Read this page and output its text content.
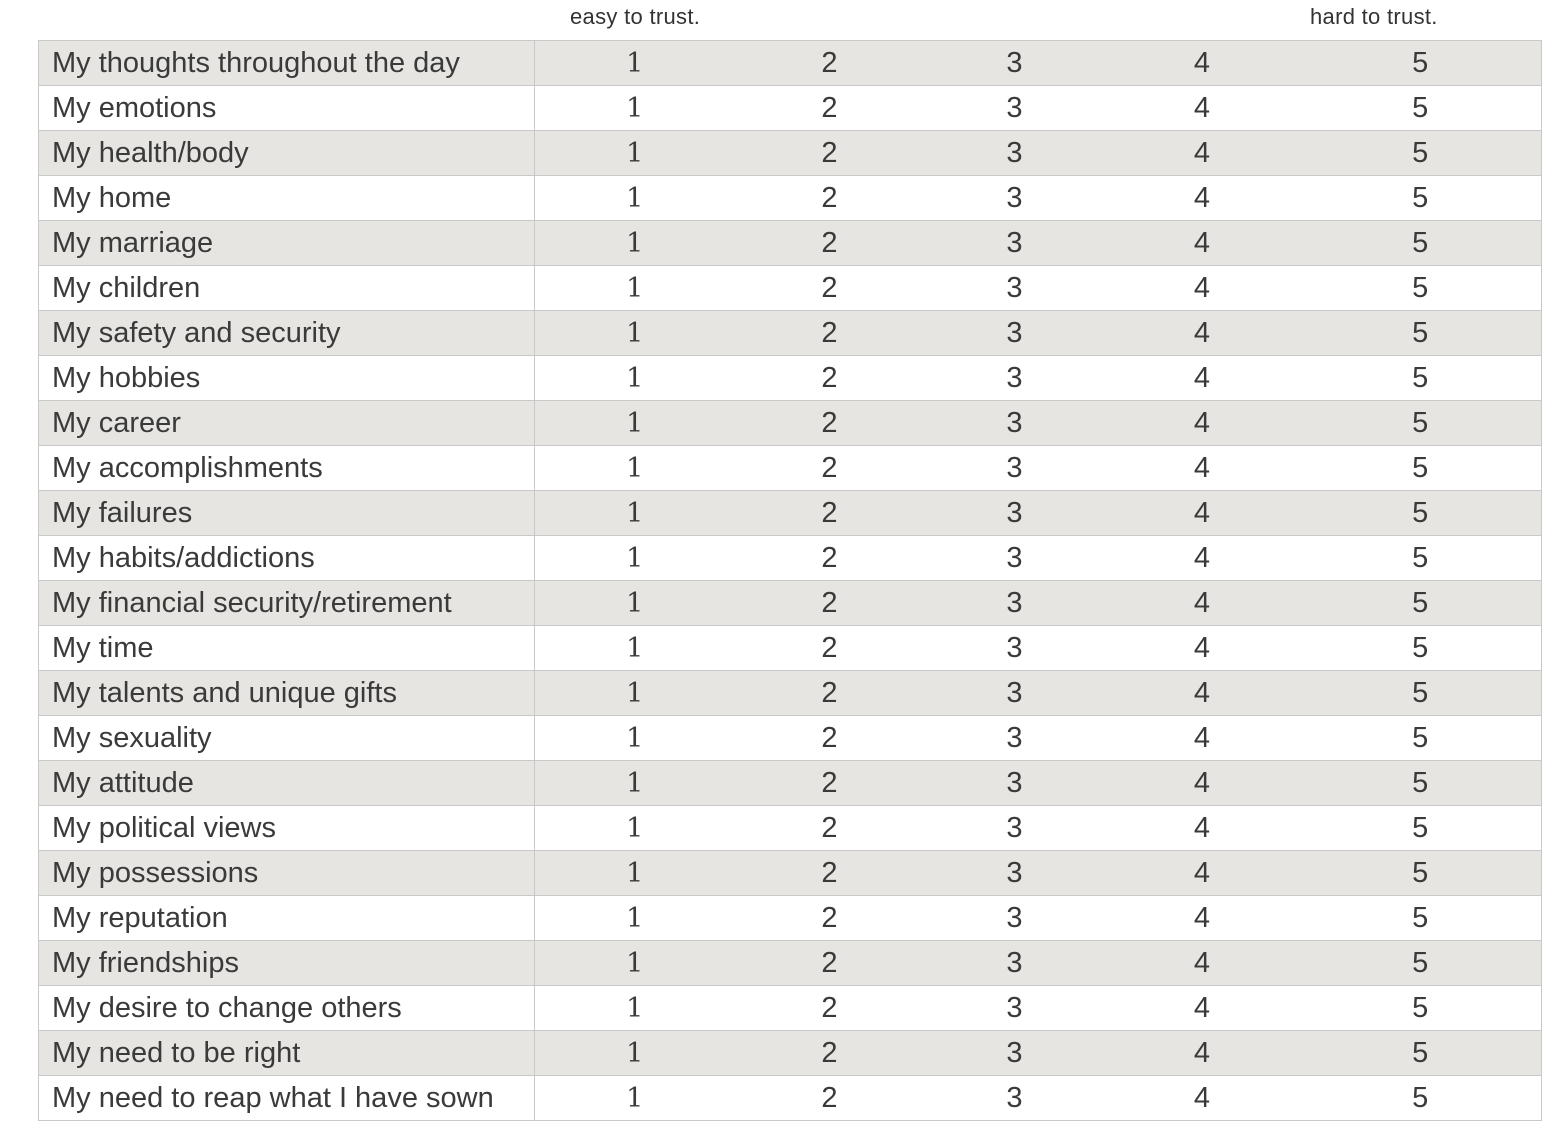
easy to trust.	hard to trust.
My thoughts throughout the day	1	2	3	4	5
My emotions	1	2	3	4	5
My health/body	1	2	3	4	5
My home	1	2	3	4	5
My marriage	1	2	3	4	5
My children	1	2	3	4	5
My safety and security	1	2	3	4	5
My hobbies	1	2	3	4	5
My career	1	2	3	4	5
My accomplishments	1	2	3	4	5
My failures	1	2	3	4	5
My habits/addictions	1	2	3	4	5
My financial security/retirement	1	2	3	4	5
My time	1	2	3	4	5
My talents and unique gifts	1	2	3	4	5
My sexuality	1	2	3	4	5
My attitude	1	2	3	4	5
My political views	1	2	3	4	5
My possessions	1	2	3	4	5
My reputation	1	2	3	4	5
My friendships	1	2	3	4	5
My desire to change others	1	2	3	4	5
My need to be right	1	2	3	4	5
My need to reap what I have sown	1	2	3	4	5
